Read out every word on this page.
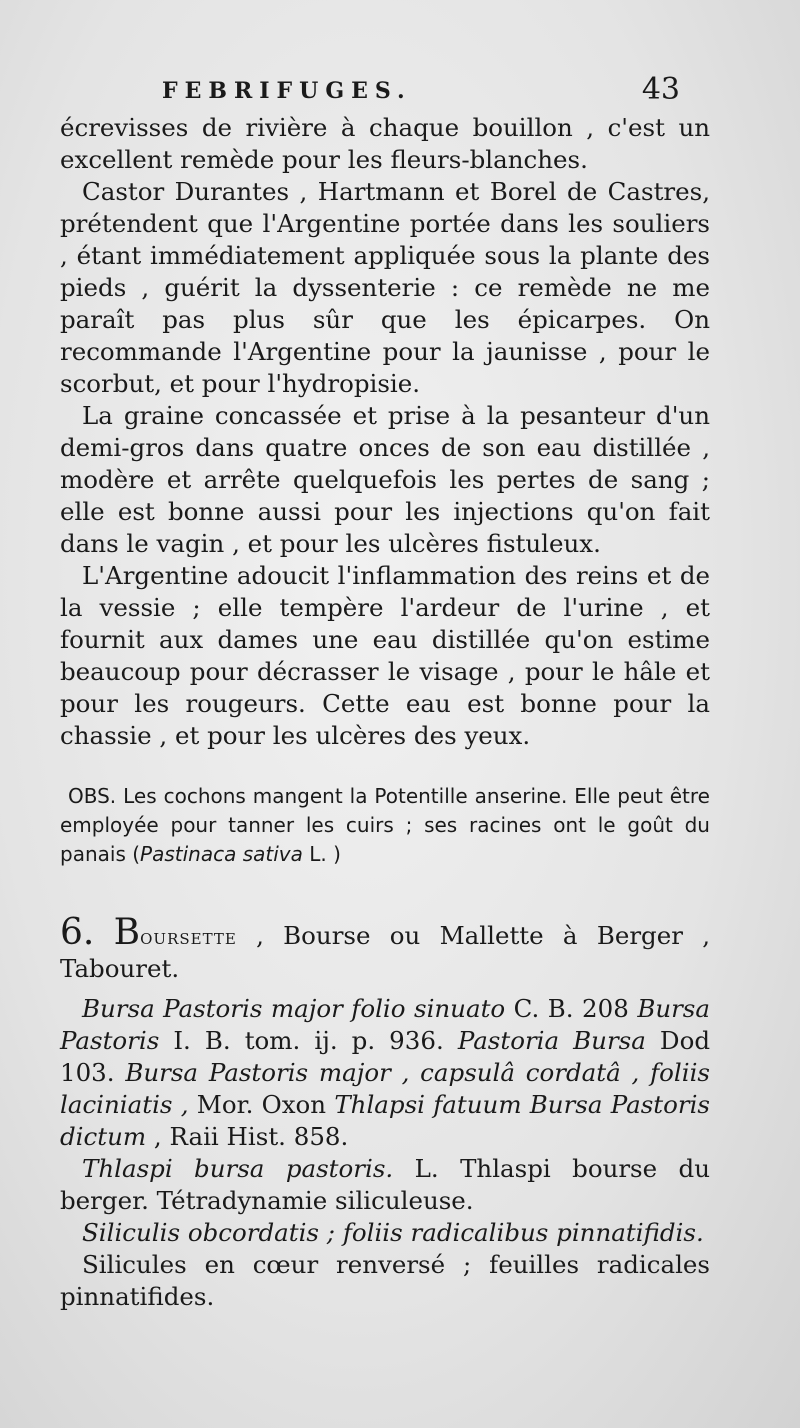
FEBRIFUGES.	43

écrevisses de rivière à chaque bouillon , c'est un excellent remède pour les fleurs-blanches.

Castor Durantes , Hartmann et Borel de Castres, prétendent que l'Argentine portée dans les souliers , étant immédiatement appliquée sous la plante des pieds , guérit la dyssenterie : ce remède ne me paraît pas plus sûr que les épicarpes. On recommande l'Argentine pour la jaunisse , pour le scorbut, et pour l'hydropisie.

La graine concassée et prise à la pesanteur d'un demi-gros dans quatre onces de son eau distillée , modère et arrête quelquefois les pertes de sang ; elle est bonne aussi pour les injections qu'on fait dans le vagin , et pour les ulcères fistuleux.

L'Argentine adoucit l'inflammation des reins et de la vessie ; elle tempère l'ardeur de l'urine , et fournit aux dames une eau distillée qu'on estime beaucoup pour décrasser le visage , pour le hâle et pour les rougeurs. Cette eau est bonne pour la chassie , et pour les ulcères des yeux.

OBS. Les cochons mangent la Potentille anserine. Elle peut être employée pour tanner les cuirs ; ses racines ont le goût du panais (Pastinaca sativa L. )

6. Boursette , Bourse ou Mallette à Berger , Tabouret.

Bursa Pastoris major folio sinuato C. B. 208 Bursa Pastoris I. B. tom. ij. p. 936. Pastoria Bursa Dod 103. Bursa Pastoris major , capsulâ cordatâ , foliis laciniatis , Mor. Oxon Thlapsi fatuum Bursa Pastoris dictum , Raii Hist. 858.

Thlaspi bursa pastoris. L. Thlaspi bourse du berger. Tétradynamie siliculeuse.

Siliculis obcordatis ; foliis radicalibus pinnatifidis.

Silicules en cœur renversé ; feuilles radicales pinnatifides.
